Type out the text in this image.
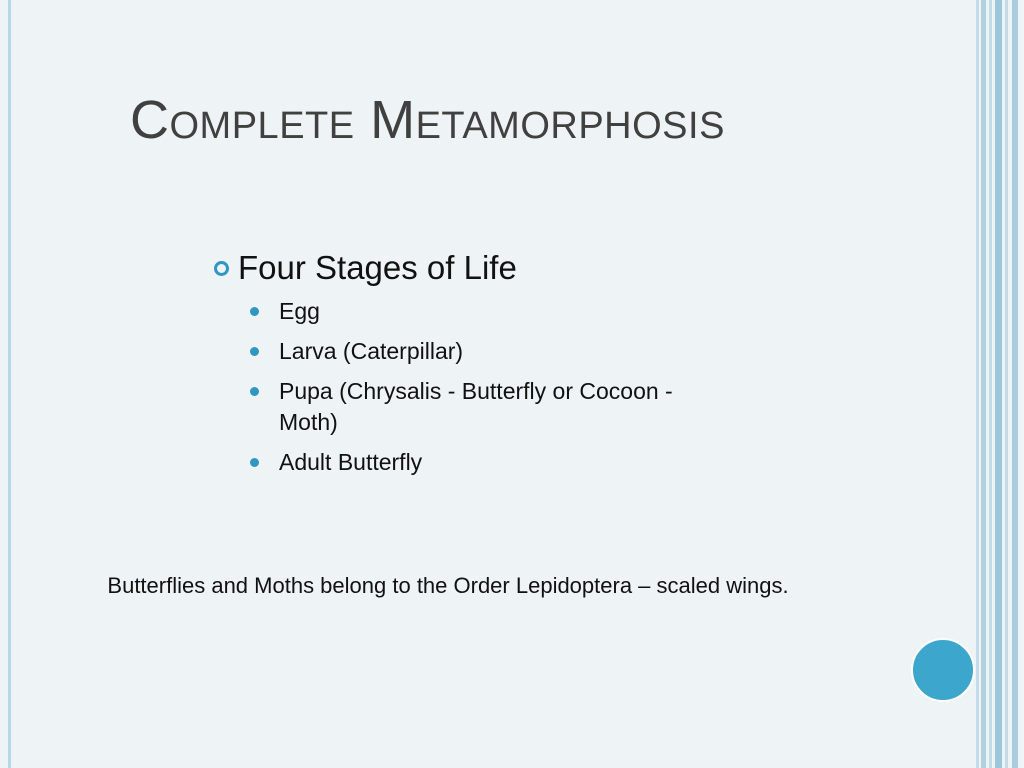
Complete Metamorphosis
Four Stages of Life
Egg
Larva (Caterpillar)
Pupa (Chrysalis - Butterfly or Cocoon - Moth)
Adult Butterfly
Butterflies and Moths belong to the Order Lepidoptera – scaled wings.
